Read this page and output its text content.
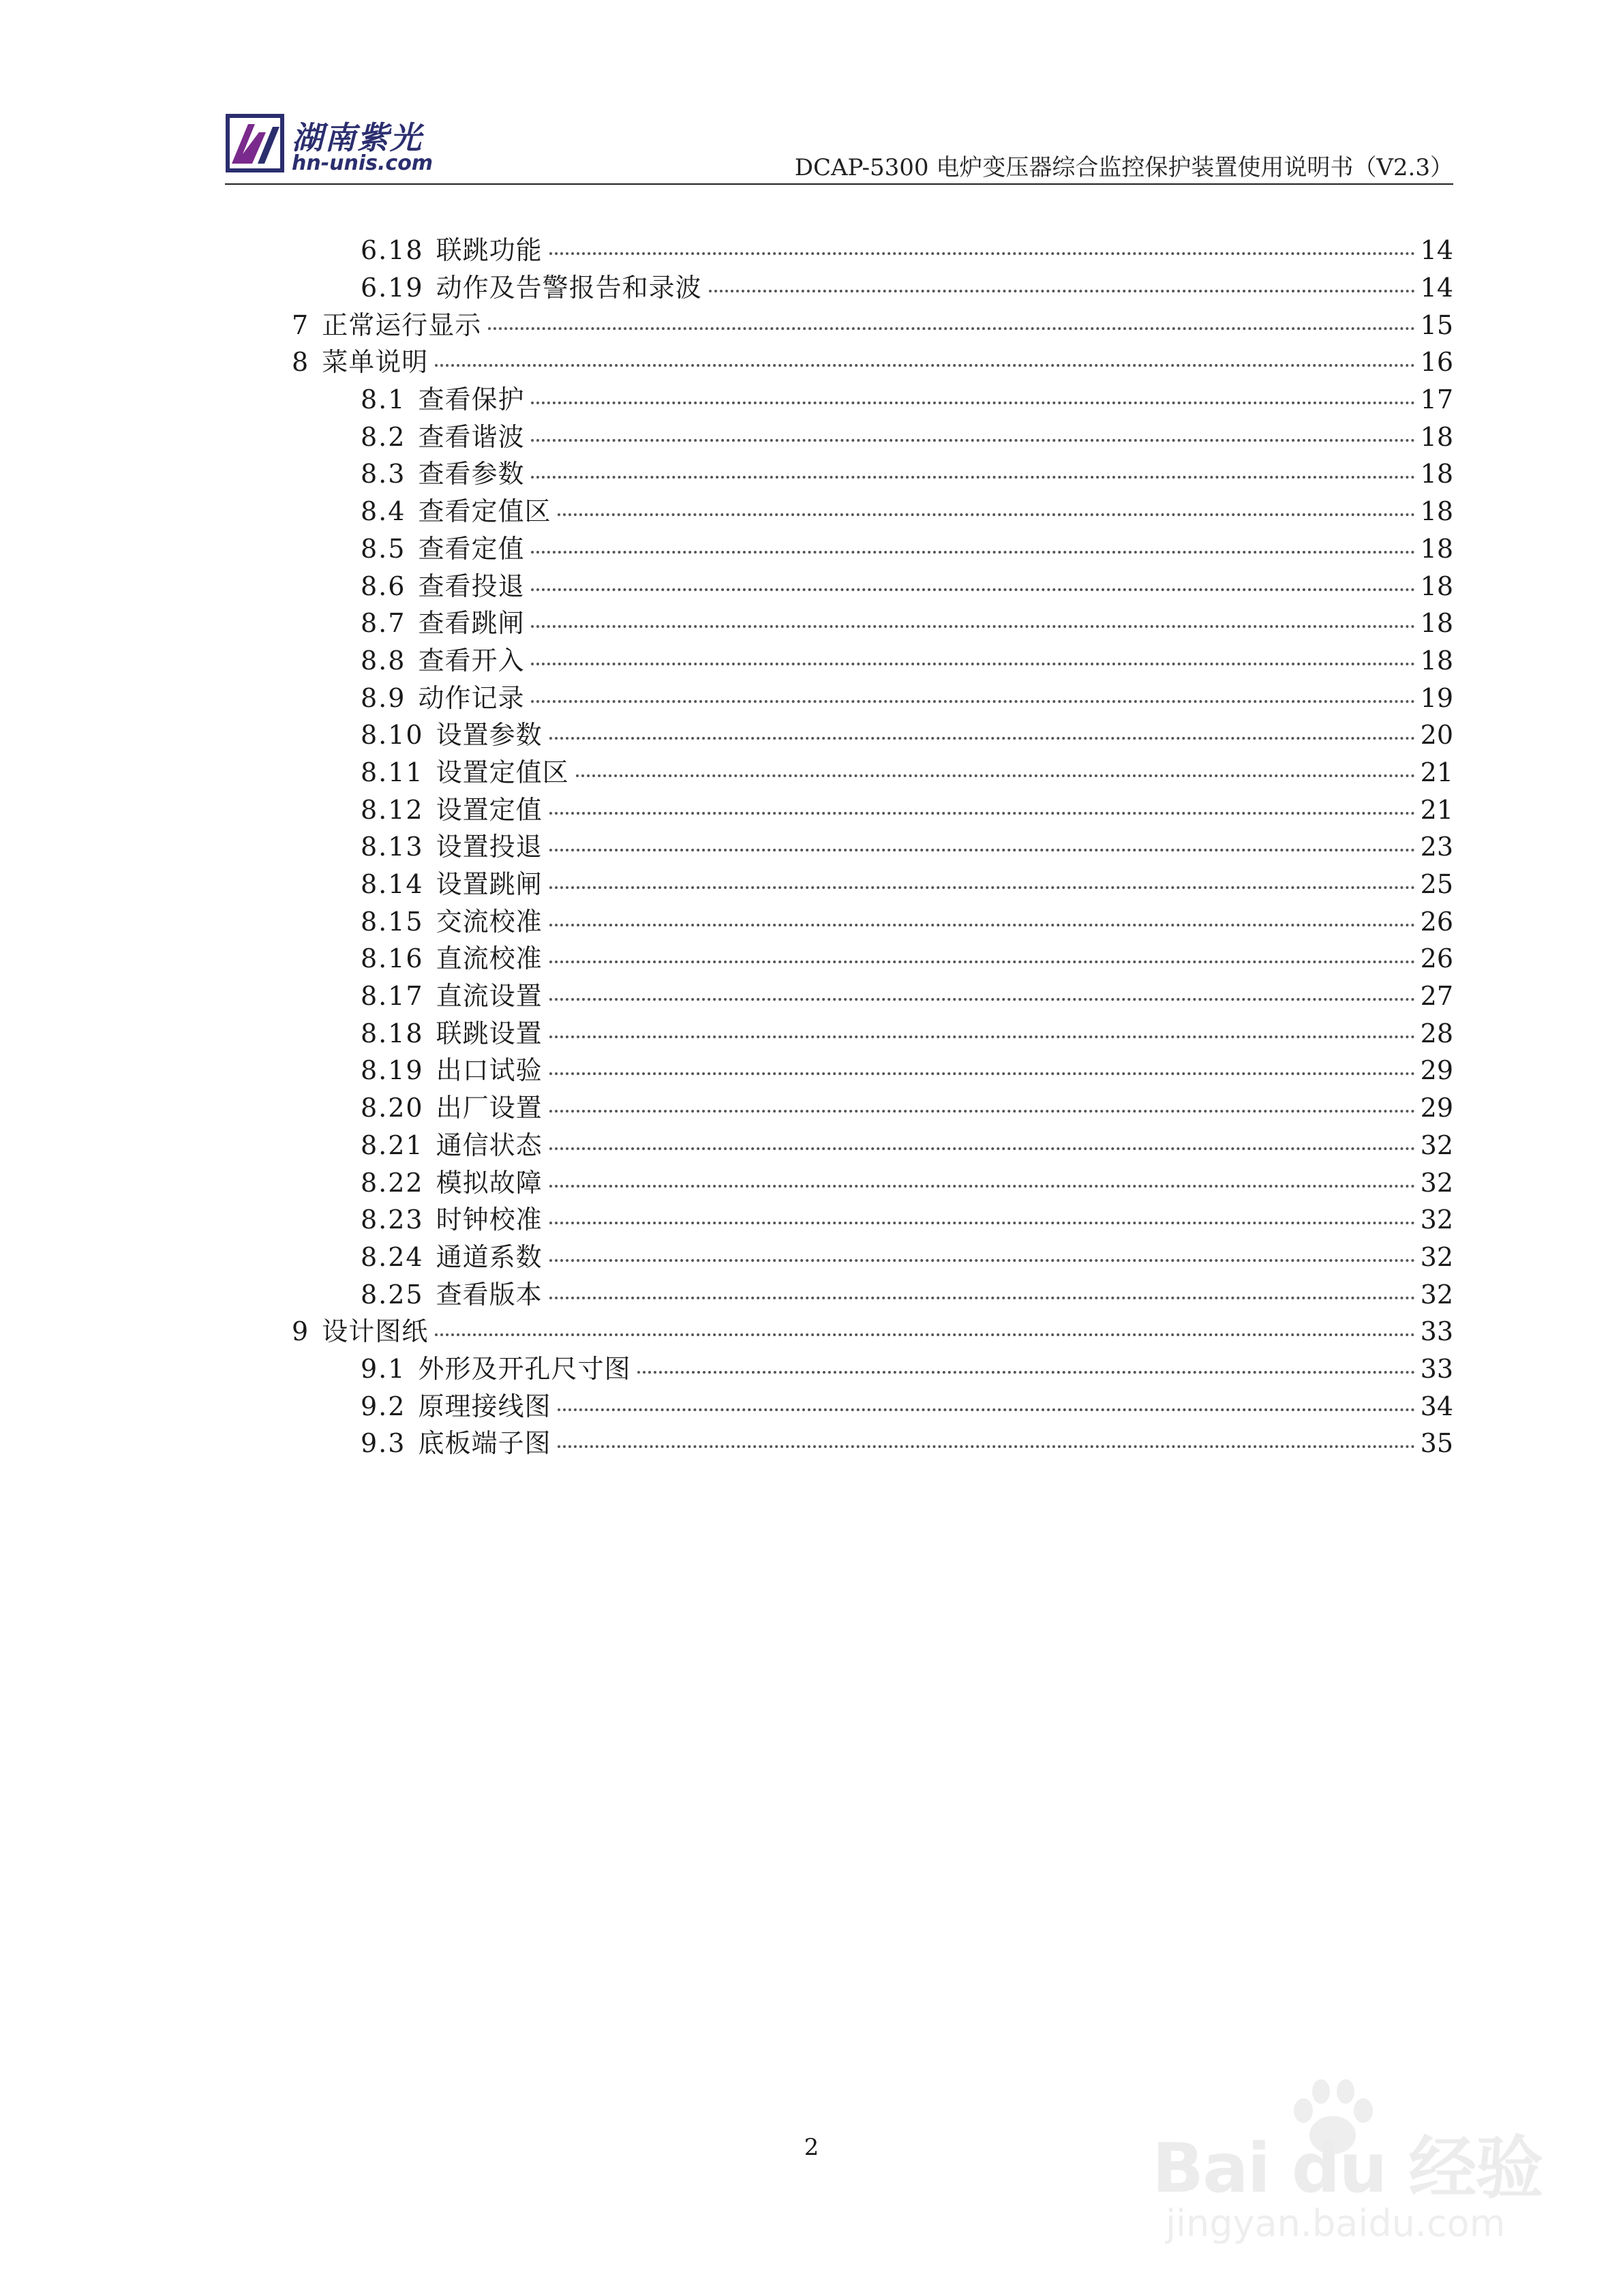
湖南紫光
hn-unis.com	DCAP-5300 电炉变压器综合监控保护装置使用说明书（V2.3）
6.18 联跳功能	14
6.19 动作及告警报告和录波	14
7 正常运行显示	15
8 菜单说明	16
8.1 查看保护	17
8.2 查看谐波	18
8.3 查看参数	18
8.4 查看定值区	18
8.5 查看定值	18
8.6 查看投退	18
8.7 查看跳闸	18
8.8 查看开入	18
8.9 动作记录	19
8.10 设置参数	20
8.11 设置定值区	21
8.12 设置定值	21
8.13 设置投退	23
8.14 设置跳闸	25
8.15 交流校准	26
8.16 直流校准	26
8.17 直流设置	27
8.18 联跳设置	28
8.19 出口试验	29
8.20 出厂设置	29
8.21 通信状态	32
8.22 模拟故障	32
8.23 时钟校准	32
8.24 通道系数	32
8.25 查看版本	32
9 设计图纸	33
9.1 外形及开孔尺寸图	33
9.2 原理接线图	34
9.3 底板端子图	35
2	Bai du 经验
jingyan.baidu.com
